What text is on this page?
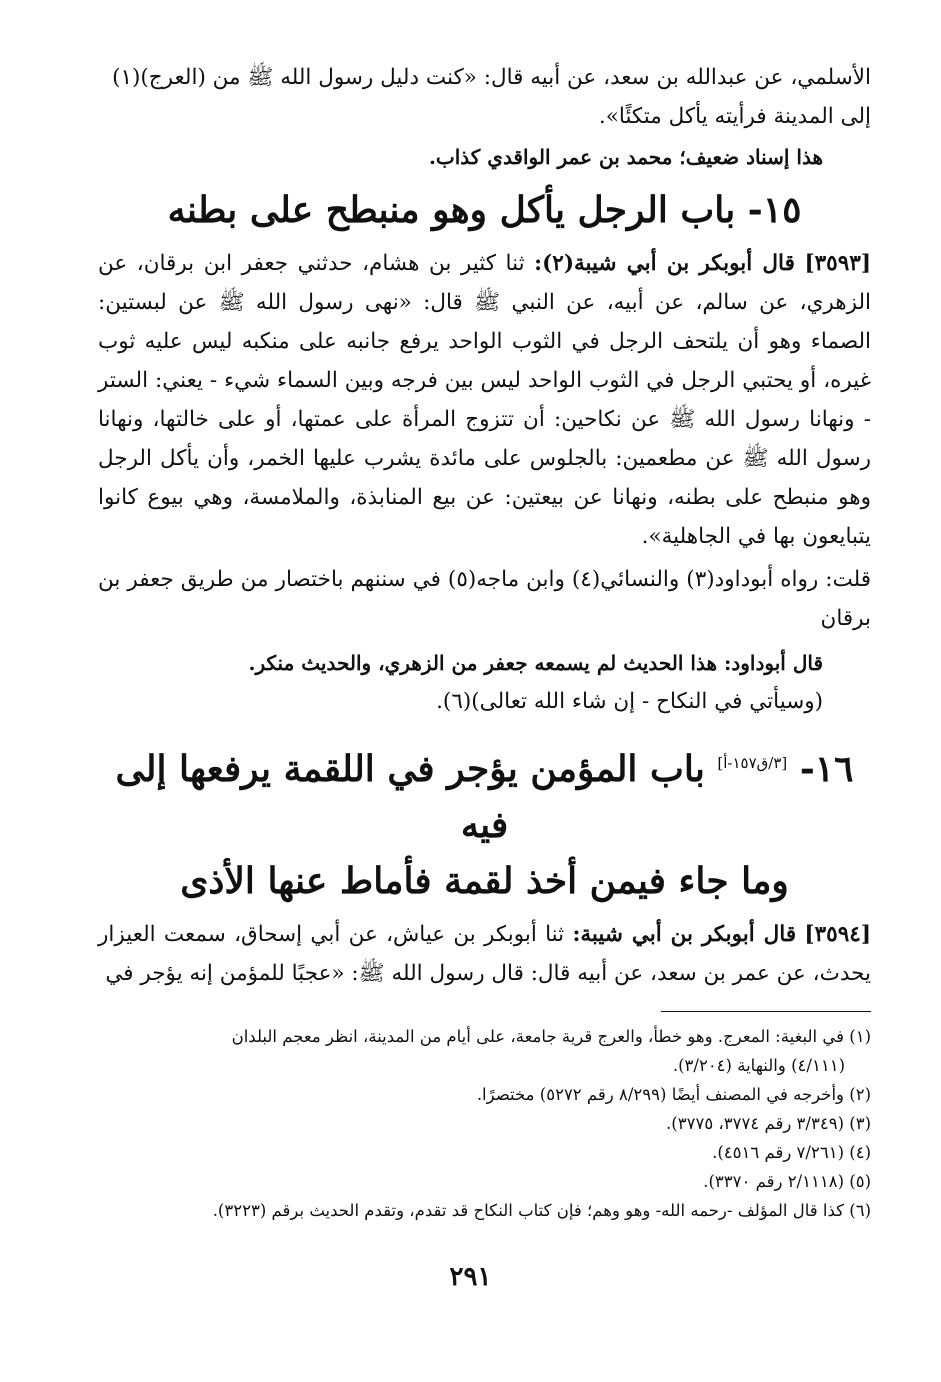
الأسلمي، عن عبدالله بن سعد، عن أبيه قال: «كنت دليل رسول الله ﷺ من (العرج)(١)
إلى المدينة فرأيته يأكل متكئًا».

هذا إسناد ضعيف؛ محمد بن عمر الواقدي كذاب.

١٥- باب الرجل يأكل وهو منبطح على بطنه

[٣٥٩٣] قال أبوبكر بن أبي شيبة(٢): ثنا كثير بن هشام، حدثني جعفر ابن برقان، عن الزهري، عن سالم، عن أبيه، عن النبي ﷺ قال: «نهى رسول الله ﷺ عن لبستين: الصماء وهو أن يلتحف الرجل في الثوب الواحد يرفع جانبه على منكبه ليس عليه ثوب غيره، أو يحتبي الرجل في الثوب الواحد ليس بين فرجه وبين السماء شيء - يعني: الستر - ونهانا رسول الله ﷺ عن نكاحين: أن تتزوج المرأة على عمتها، أو على خالتها، ونهانا رسول الله ﷺ عن مطعمين: بالجلوس على مائدة يشرب عليها الخمر، وأن يأكل الرجل وهو منبطح على بطنه، ونهانا عن بيعتين: عن بيع المنابذة، والملامسة، وهي بيوع كانوا يتبايعون بها في الجاهلية».

قلت: رواه أبوداود(٣) والنسائي(٤) وابن ماجه(٥) في سننهم باختصار من طريق جعفر بن برقان

قال أبوداود: هذا الحديث لم يسمعه جعفر من الزهري، والحديث منكر.

(وسيأتي في النكاح - إن شاء الله تعالى)(٦).

١٦- [٣/ق١٥٧-أ] باب المؤمن يؤجر في اللقمة يرفعها إلى فيه
وما جاء فيمن أخذ لقمة فأماط عنها الأذى

[٣٥٩٤] قال أبوبكر بن أبي شيبة: ثنا أبوبكر بن عياش، عن أبي إسحاق، سمعت العيزار يحدث، عن عمر بن سعد، عن أبيه قال: قال رسول الله ﷺ: «عجبًا للمؤمن إنه يؤجر في

(١) في البغية: المعرج. وهو خطأ، والعرج قرية جامعة، على أيام من المدينة، انظر معجم البلدان
(٤/١١١) والنهاية (٣/٢٠٤).
(٢) وأخرجه في المصنف أيضًا (٨/٢٩٩ رقم ٥٢٧٢) مختصرًا.
(٣) (٣/٣٤٩ رقم ٣٧٧٤، ٣٧٧٥).
(٤) (٧/٢٦١ رقم ٤٥١٦).
(٥) (٢/١١١٨ رقم ٣٣٧٠).
(٦) كذا قال المؤلف -رحمه الله- وهو وهم؛ فإن كتاب النكاح قد تقدم، وتقدم الحديث برقم (٣٢٢٣).
٢٩١
